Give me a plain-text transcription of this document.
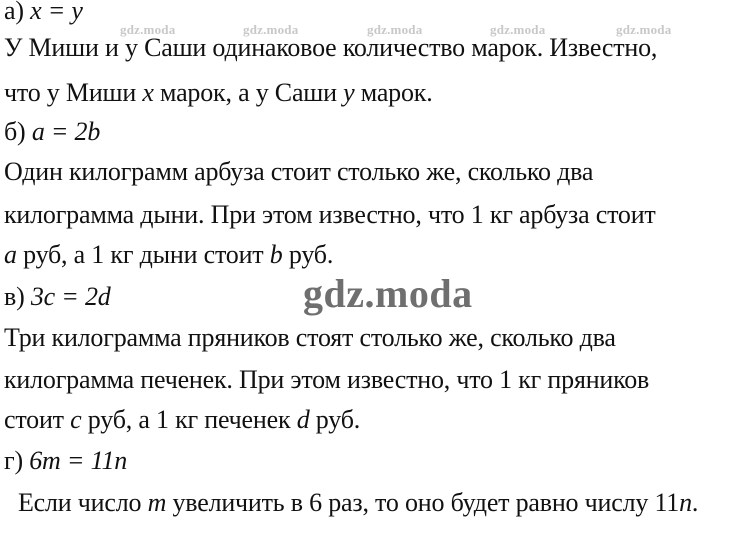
gdz.moda	gdz.moda	gdz.moda	gdz.moda	gdz.moda
а) x = y
У Миши и у Саши одинаковое количество марок. Известно,
что у Миши x марок, а у Саши y марок.
б) a = 2b
Один килограмм арбуза стоит столько же, сколько два
килограмма дыни. При этом известно, что 1 кг арбуза стоит
a руб, а 1 кг дыни стоит b руб.
gdz.moda
в) 3c = 2d
Три килограмма пряников стоят столько же, сколько два
килограмма печенек. При этом известно, что 1 кг пряников
стоит c руб, а 1 кг печенек d руб.
г) 6m = 11n
Если число m увеличить в 6 раз, то оно будет равно числу 11n.
